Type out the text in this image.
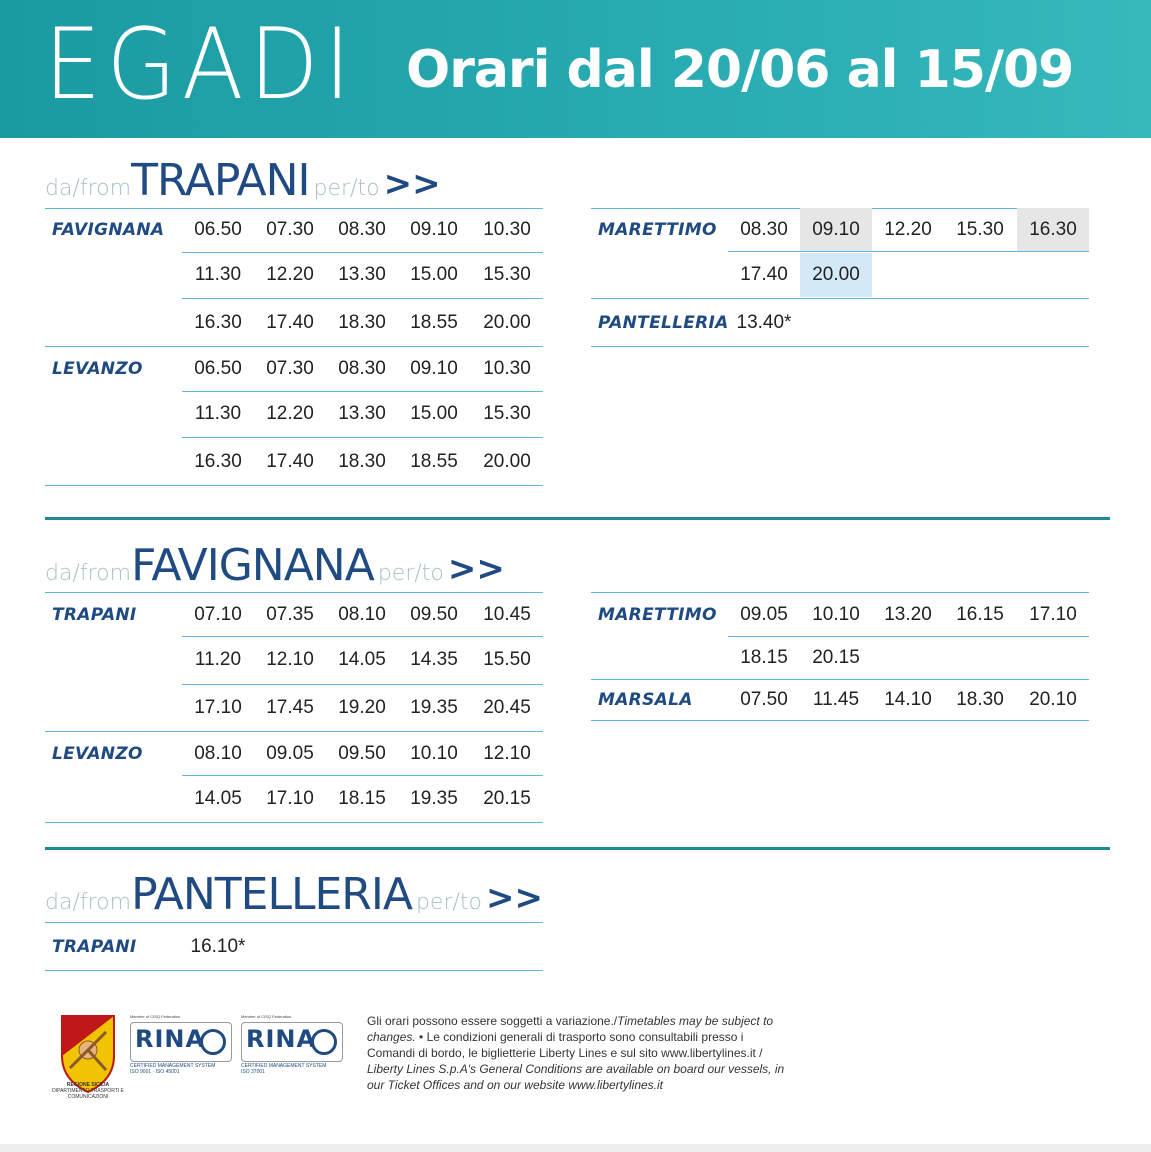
EGADI Orari dal 20/06 al 15/09
da/fromTRAPANI per/to >>
FAVIGNANA	06.50	07.30	08.30	09.10	10.30
11.30	12.20	13.30	15.00	15.30
16.30	17.40	18.30	18.55	20.00
LEVANZO	06.50	07.30	08.30	09.10	10.30
11.30	12.20	13.30	15.00	15.30
16.30	17.40	18.30	18.55	20.00
MARETTIMO	08.30	09.10	12.20	15.30	16.30
17.40	20.00
PANTELLERIA 13.40*
da/fromFAVIGNANA per/to >>
TRAPANI	07.10	07.35	08.10	09.50	10.45
11.20	12.10	14.05	14.35	15.50
17.10	17.45	19.20	19.35	20.45
LEVANZO	08.10	09.05	09.50	10.10	12.10
14.05	17.10	18.15	19.35	20.15
MARETTIMO	09.05	10.10	13.20	16.15	17.10
18.15	20.15
MARSALA	07.50	11.45	14.10	18.30	20.10
da/fromPANTELLERIA per/to >>
TRAPANI	16.10*
REGIONE SICILIA
DIPARTIMENTO TRASPORTI E COMUNICAZIONI
Member of CISQ Federation
RINA
CERTIFIED MANAGEMENT SYSTEM
ISO 9001 · ISO 45001
Member of CISQ Federation
RINA
CERTIFIED MANAGEMENT SYSTEM
ISO 37001
Gli orari possono essere soggetti a variazione./Timetables may be subject to changes. • Le condizioni generali di trasporto sono consultabili presso i Comandi di bordo, le biglietterie Liberty Lines e sul sito www.libertylines.it / Liberty Lines S.p.A's General Conditions are available on board our vessels, in our Ticket Offices and on our website www.libertylines.it
